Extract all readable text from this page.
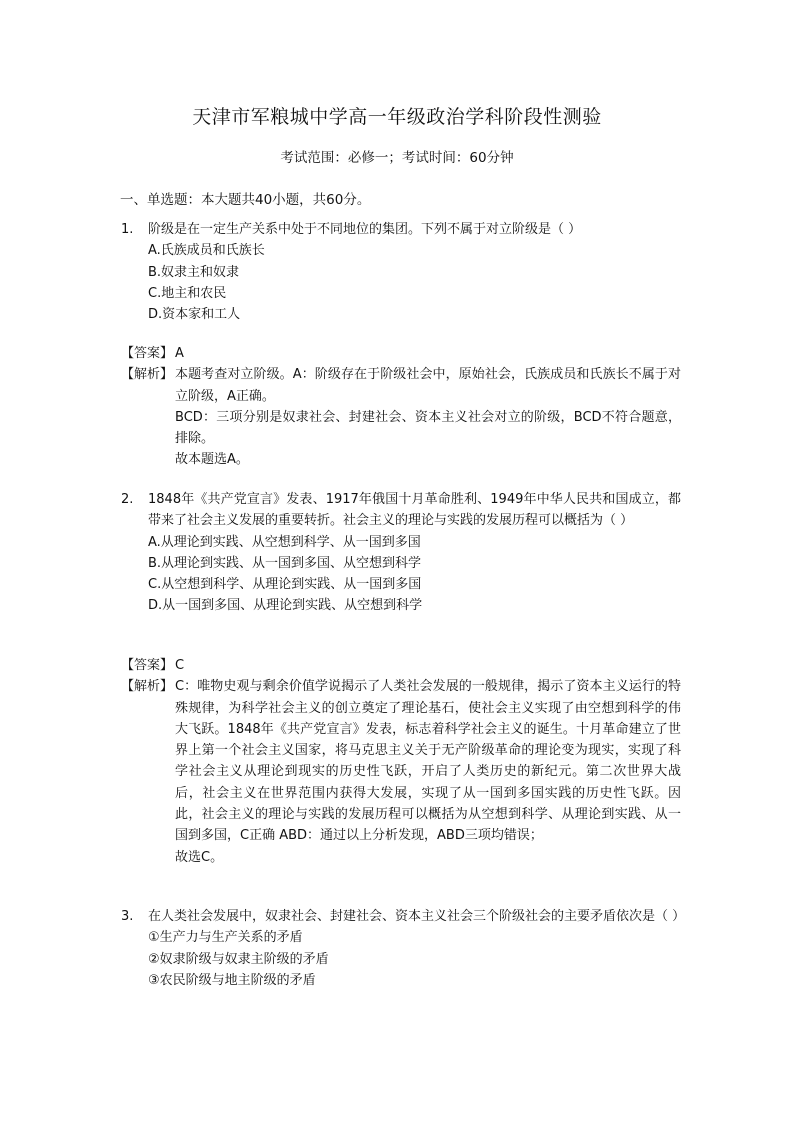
天津市军粮城中学高一年级政治学科阶段性测验
考试范围：必修一；考试时间：60分钟
一、单选题：本大题共40小题，共60分。
1. 阶级是在一定生产关系中处于不同地位的集团。下列不属于对立阶级是（ ）
A.氏族成员和氏族长
B.奴隶主和奴隶
C.地主和农民
D.资本家和工人
【答案】 A
【解析】 本题考查对立阶级。A：阶级存在于阶级社会中，原始社会，氏族成员和氏族长不属于对立阶级，A正确。
BCD：三项分别是奴隶社会、封建社会、资本主义社会对立的阶级，BCD不符合题意，排除。
故本题选A。
2. 1848年《共产党宣言》发表、1917年俄国十月革命胜利、1949年中华人民共和国成立，都带来了社会主义发展的重要转折。社会主义的理论与实践的发展历程可以概括为（ ）
A.从理论到实践、从空想到科学、从一国到多国
B.从理论到实践、从一国到多国、从空想到科学
C.从空想到科学、从理论到实践、从一国到多国
D.从一国到多国、从理论到实践、从空想到科学
【答案】 C
【解析】 C：唯物史观与剩余价值学说揭示了人类社会发展的一般规律，揭示了资本主义运行的特殊规律，为科学社会主义的创立奠定了理论基石，使社会主义实现了由空想到科学的伟大飞跃。1848年《共产党宣言》发表，标志着科学社会主义的诞生。十月革命建立了世界上第一个社会主义国家，将马克思主义关于无产阶级革命的理论变为现实，实现了科学社会主义从理论到现实的历史性飞跃，开启了人类历史的新纪元。第二次世界大战后，社会主义在世界范围内获得大发展，实现了从一国到多国实践的历史性飞跃。因此，社会主义的理论与实践的发展历程可以概括为从空想到科学、从理论到实践、从一国到多国，C正确 ABD：通过以上分析发现，ABD三项均错误；
故选C。
3. 在人类社会发展中，奴隶社会、封建社会、资本主义社会三个阶级社会的主要矛盾依次是（ ）
①生产力与生产关系的矛盾
②奴隶阶级与奴隶主阶级的矛盾
③农民阶级与地主阶级的矛盾
